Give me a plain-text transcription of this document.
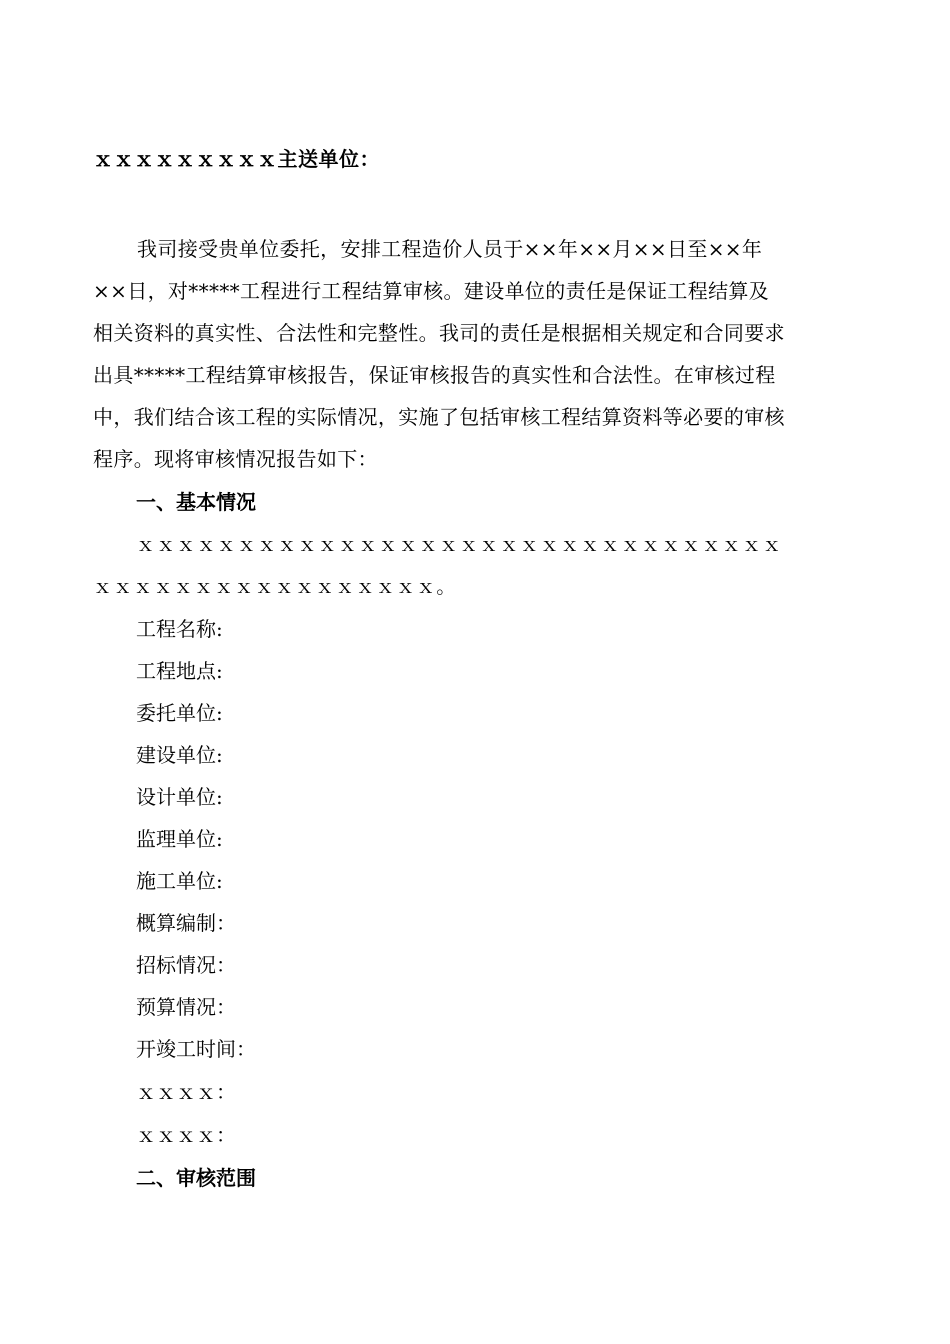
ｘｘｘｘｘｘｘｘｘ主送单位：
我司接受贵单位委托，安排工程造价人员于××年××月××日至××年
××日，对*****工程进行工程结算审核。建设单位的责任是保证工程结算及
相关资料的真实性、合法性和完整性。我司的责任是根据相关规定和合同要求
出具*****工程结算审核报告，保证审核报告的真实性和合法性。在审核过程
中，我们结合该工程的实际情况，实施了包括审核工程结算资料等必要的审核
程序。现将审核情况报告如下：
一、基本情况
ｘｘｘｘｘｘｘｘｘｘｘｘｘｘｘｘｘｘｘｘｘｘｘｘｘｘｘｘｘｘｘｘ
ｘｘｘｘｘｘｘｘｘｘｘｘｘｘｘｘｘ。
工程名称:
工程地点:
委托单位:
建设单位:
设计单位:
监理单位:
施工单位:
概算编制：
招标情况：
预算情况：
开竣工时间：
ｘｘｘｘ：
ｘｘｘｘ：
二、审核范围
